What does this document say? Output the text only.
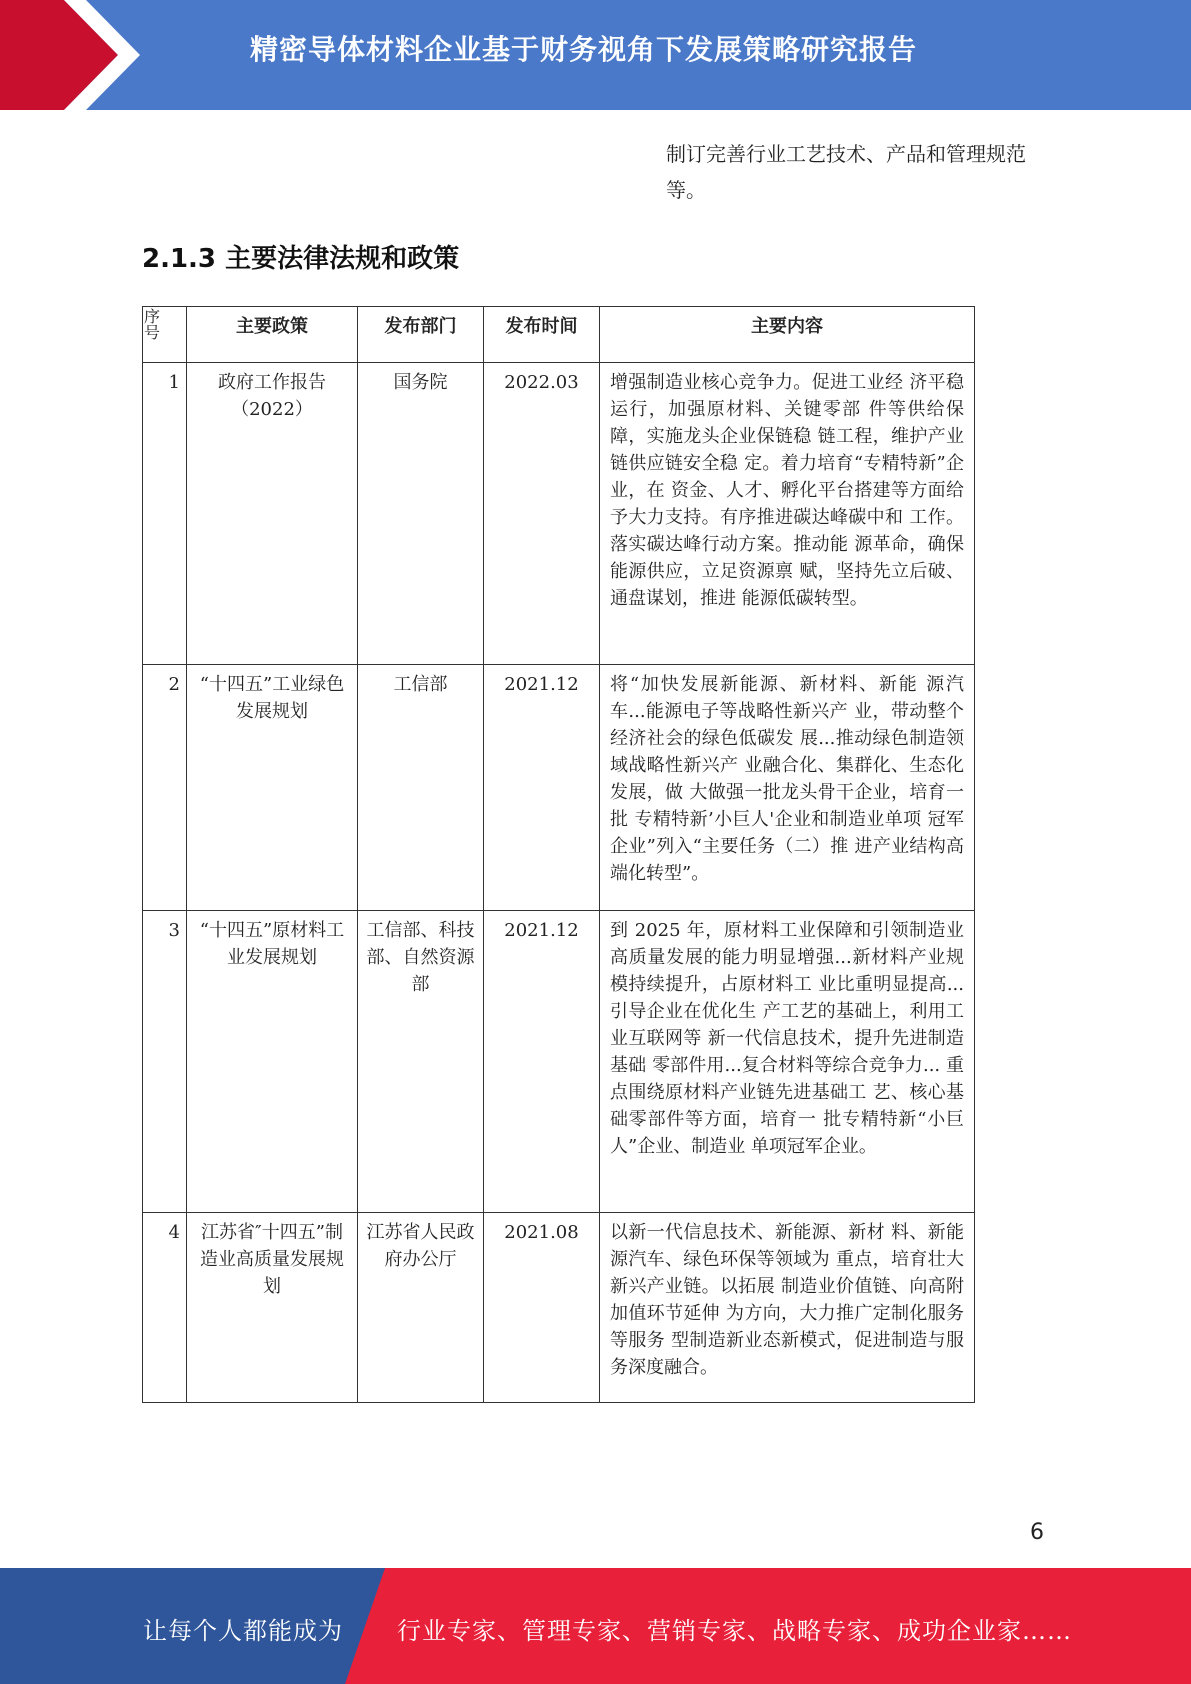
精密导体材料企业基于财务视角下发展策略研究报告
制订完善行业工艺技术、产品和管理规范
等。
2.1.3 主要法律法规和政策
序
号	主要政策	发布部门	发布时间	主要内容
1	政府工作报告（2022）	国务院	2022.03	增强制造业核心竞争力。促进工业经 济平稳运行，加强原材料、关键零部 件等供给保障，实施龙头企业保链稳 链工程，维护产业链供应链安全稳 定。着力培育“专精特新”企业，在 资金、人才、孵化平台搭建等方面给 予大力支持。有序推进碳达峰碳中和 工作。落实碳达峰行动方案。推动能 源革命，确保能源供应，立足资源禀 赋，坚持先立后破、通盘谋划，推进 能源低碳转型。
2	“十四五”工业绿色发展规划	工信部	2021.12	将“加快发展新能源、新材料、新能 源汽车...能源电子等战略性新兴产 业，带动整个经济社会的绿色低碳发 展...推动绿色制造领域战略性新兴产 业融合化、集群化、生态化发展，做 大做强一批龙头骨干企业，培育一批 专精特新’小巨人'企业和制造业单项 冠军企业”列入“主要任务（二）推 进产业结构高端化转型”。
3	“十四五”原材料工业发展规划	工信部、科技部、自然资源部	2021.12	到 2025 年，原材料工业保障和引领制造业高质量发展的能力明显增强...新材料产业规模持续提升，占原材料工 业比重明显提高...引导企业在优化生 产工艺的基础上，利用工业互联网等 新一代信息技术，提升先进制造基础 零部件用...复合材料等综合竞争力... 重点围绕原材料产业链先进基础工 艺、核心基础零部件等方面，培育一 批专精特新“小巨人”企业、制造业 单项冠军企业。
4	江苏省″十四五”制造业高质量发展规划	江苏省人民政府办公厅	2021.08	以新一代信息技术、新能源、新材 料、新能源汽车、绿色环保等领域为 重点，培育壮大新兴产业链。以拓展 制造业价值链、向高附加值环节延伸 为方向，大力推广定制化服务等服务 型制造新业态新模式，促进制造与服 务深度融合。
6
让每个人都能成为 行业专家、管理专家、营销专家、战略专家、成功企业家……
